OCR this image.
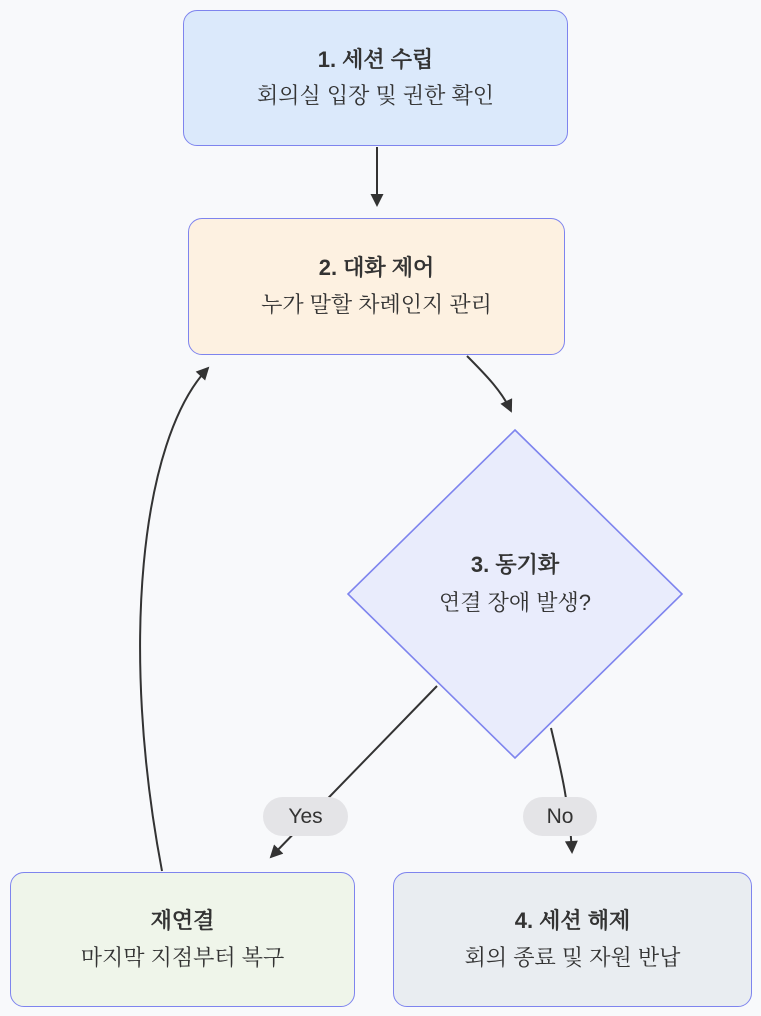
1. 세션 수립
회의실 입장 및 권한 확인
2. 대화 제어
누가 말할 차례인지 관리
3. 동기화
연결 장애 발생?
Yes	No
재연결
마지막 지점부터 복구
4. 세션 해제
회의 종료 및 자원 반납
